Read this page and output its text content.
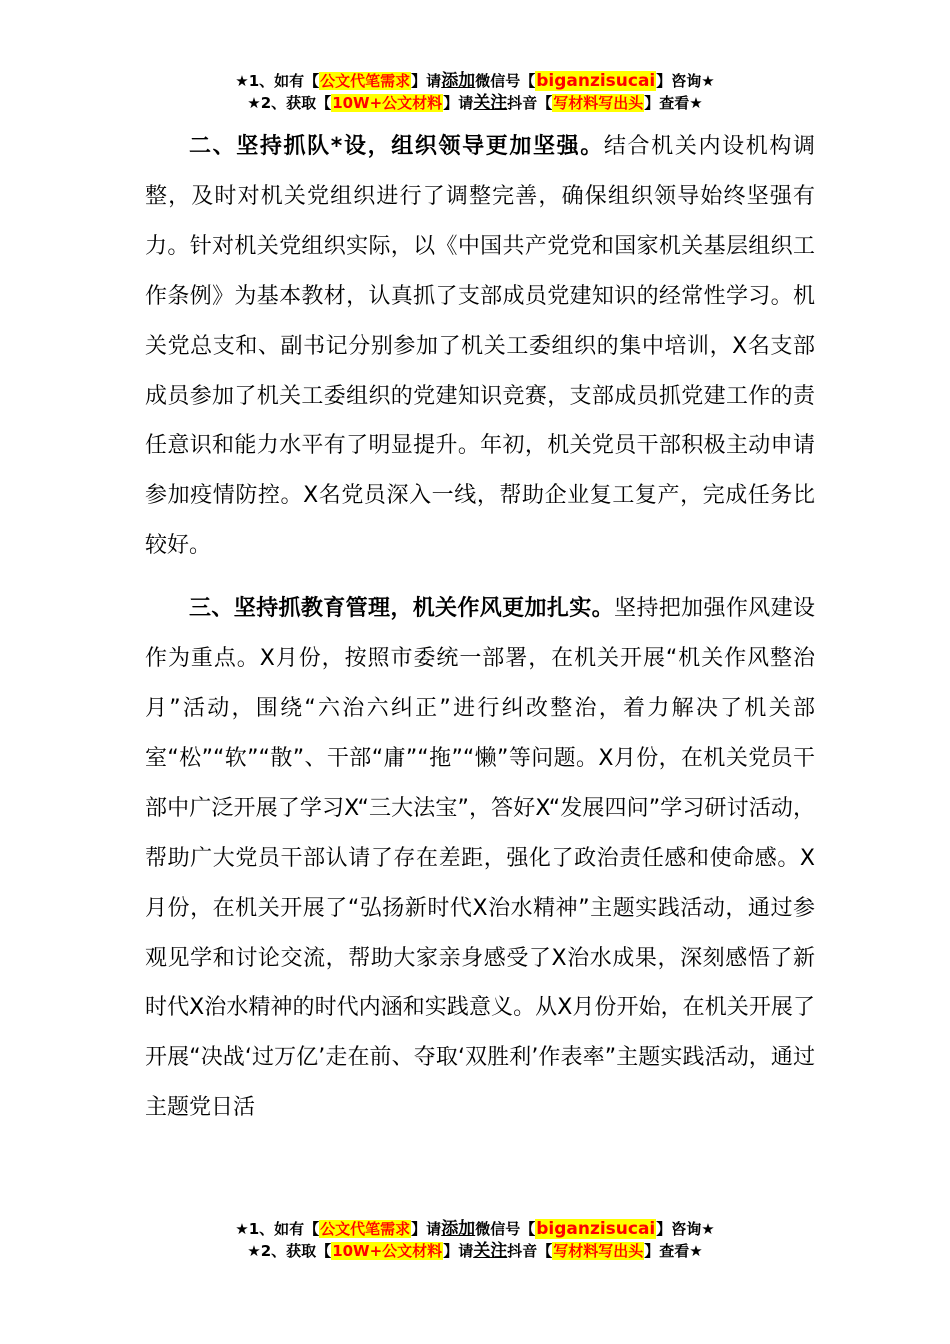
★1、如有【公文代笔需求】请添加微信号【biganzisucai】咨询★
★2、获取【10W+公文材料】请关注抖音【写材料写出头】查看★

二、坚持抓队*设，组织领导更加坚强。结合机关内设机构调整，及时对机关党组织进行了调整完善，确保组织领导始终坚强有力。针对机关党组织实际，以《中国共产党党和国家机关基层组织工作条例》为基本教材，认真抓了支部成员党建知识的经常性学习。机关党总支和、副书记分别参加了机关工委组织的集中培训，X名支部成员参加了机关工委组织的党建知识竞赛，支部成员抓党建工作的责任意识和能力水平有了明显提升。年初，机关党员干部积极主动申请参加疫情防控。X名党员深入一线，帮助企业复工复产，完成任务比较好。

三、坚持抓教育管理，机关作风更加扎实。坚持把加强作风建设作为重点。X月份，按照市委统一部署，在机关开展“机关作风整治月”活动，围绕“六治六纠正”进行纠改整治，着力解决了机关部室“松”“软”“散”、干部“庸”“拖”“懒”等问题。X月份，在机关党员干部中广泛开展了学习X“三大法宝”，答好X“发展四问”学习研讨活动，帮助广大党员干部认请了存在差距，强化了政治责任感和使命感。X月份，在机关开展了“弘扬新时代X治水精神”主题实践活动，通过参观见学和讨论交流，帮助大家亲身感受了X治水成果，深刻感悟了新时代X治水精神的时代内涵和实践意义。从X月份开始，在机关开展了开展“决战‘过万亿’走在前、夺取‘双胜利’作表率”主题实践活动，通过主题党日活

★1、如有【公文代笔需求】请添加微信号【biganzisucai】咨询★
★2、获取【10W+公文材料】请关注抖音【写材料写出头】查看★
